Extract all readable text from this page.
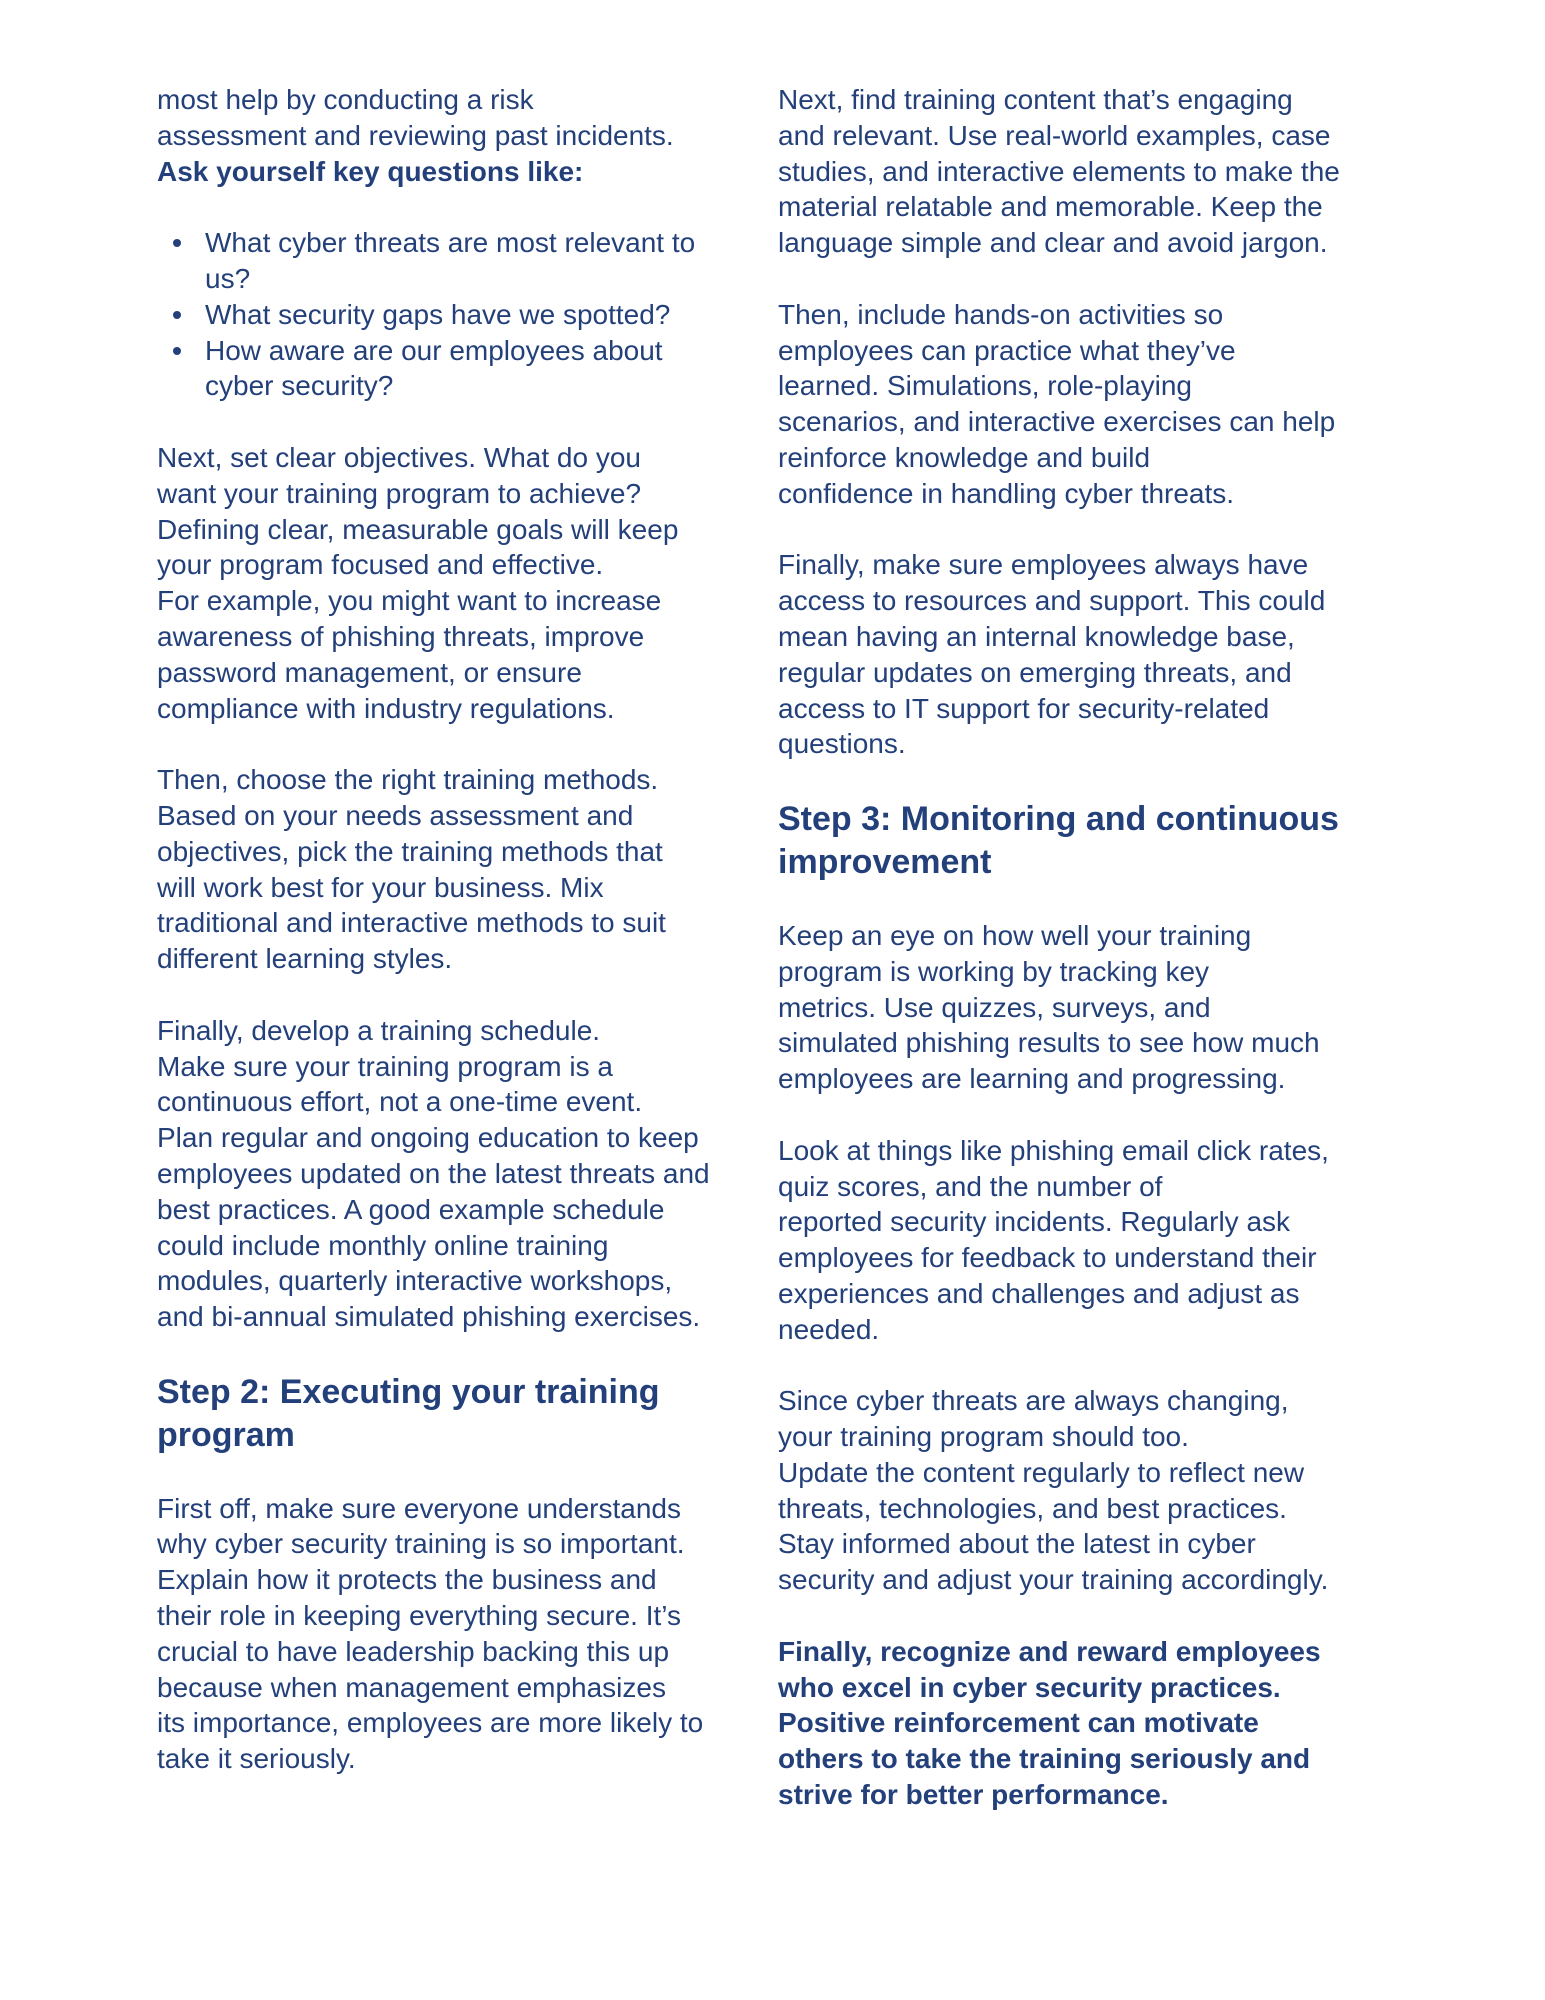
most help by conducting a risk
assessment and reviewing past incidents.

Ask yourself key questions like:

What cyber threats are most relevant to
us?
What security gaps have we spotted?
How aware are our employees about
cyber security?

Next, set clear objectives. What do you
want your training program to achieve?
Defining clear, measurable goals will keep
your program focused and effective.
For example, you might want to increase
awareness of phishing threats, improve
password management, or ensure
compliance with industry regulations.

Then, choose the right training methods.
Based on your needs assessment and
objectives, pick the training methods that
will work best for your business. Mix
traditional and interactive methods to suit
different learning styles.

Finally, develop a training schedule.
Make sure your training program is a
continuous effort, not a one-time event.
Plan regular and ongoing education to keep
employees updated on the latest threats and
best practices. A good example schedule
could include monthly online training
modules, quarterly interactive workshops,
and bi-annual simulated phishing exercises.

Step 2: Executing your training
program

First off, make sure everyone understands
why cyber security training is so important.
Explain how it protects the business and
their role in keeping everything secure. It’s
crucial to have leadership backing this up
because when management emphasizes
its importance, employees are more likely to
take it seriously.

Next, find training content that’s engaging
and relevant. Use real-world examples, case
studies, and interactive elements to make the
material relatable and memorable. Keep the
language simple and clear and avoid jargon.

Then, include hands-on activities so
employees can practice what they’ve
learned. Simulations, role-playing
scenarios, and interactive exercises can help
reinforce knowledge and build
confidence in handling cyber threats.

Finally, make sure employees always have
access to resources and support. This could
mean having an internal knowledge base,
regular updates on emerging threats, and
access to IT support for security-related
questions.

Step 3: Monitoring and continuous
improvement

Keep an eye on how well your training
program is working by tracking key
metrics. Use quizzes, surveys, and
simulated phishing results to see how much
employees are learning and progressing.

Look at things like phishing email click rates,
quiz scores, and the number of
reported security incidents. Regularly ask
employees for feedback to understand their
experiences and challenges and adjust as
needed.

Since cyber threats are always changing,
your training program should too.
Update the content regularly to reflect new
threats, technologies, and best practices.
Stay informed about the latest in cyber
security and adjust your training accordingly.

Finally, recognize and reward employees
who excel in cyber security practices.
Positive reinforcement can motivate
others to take the training seriously and
strive for better performance.
